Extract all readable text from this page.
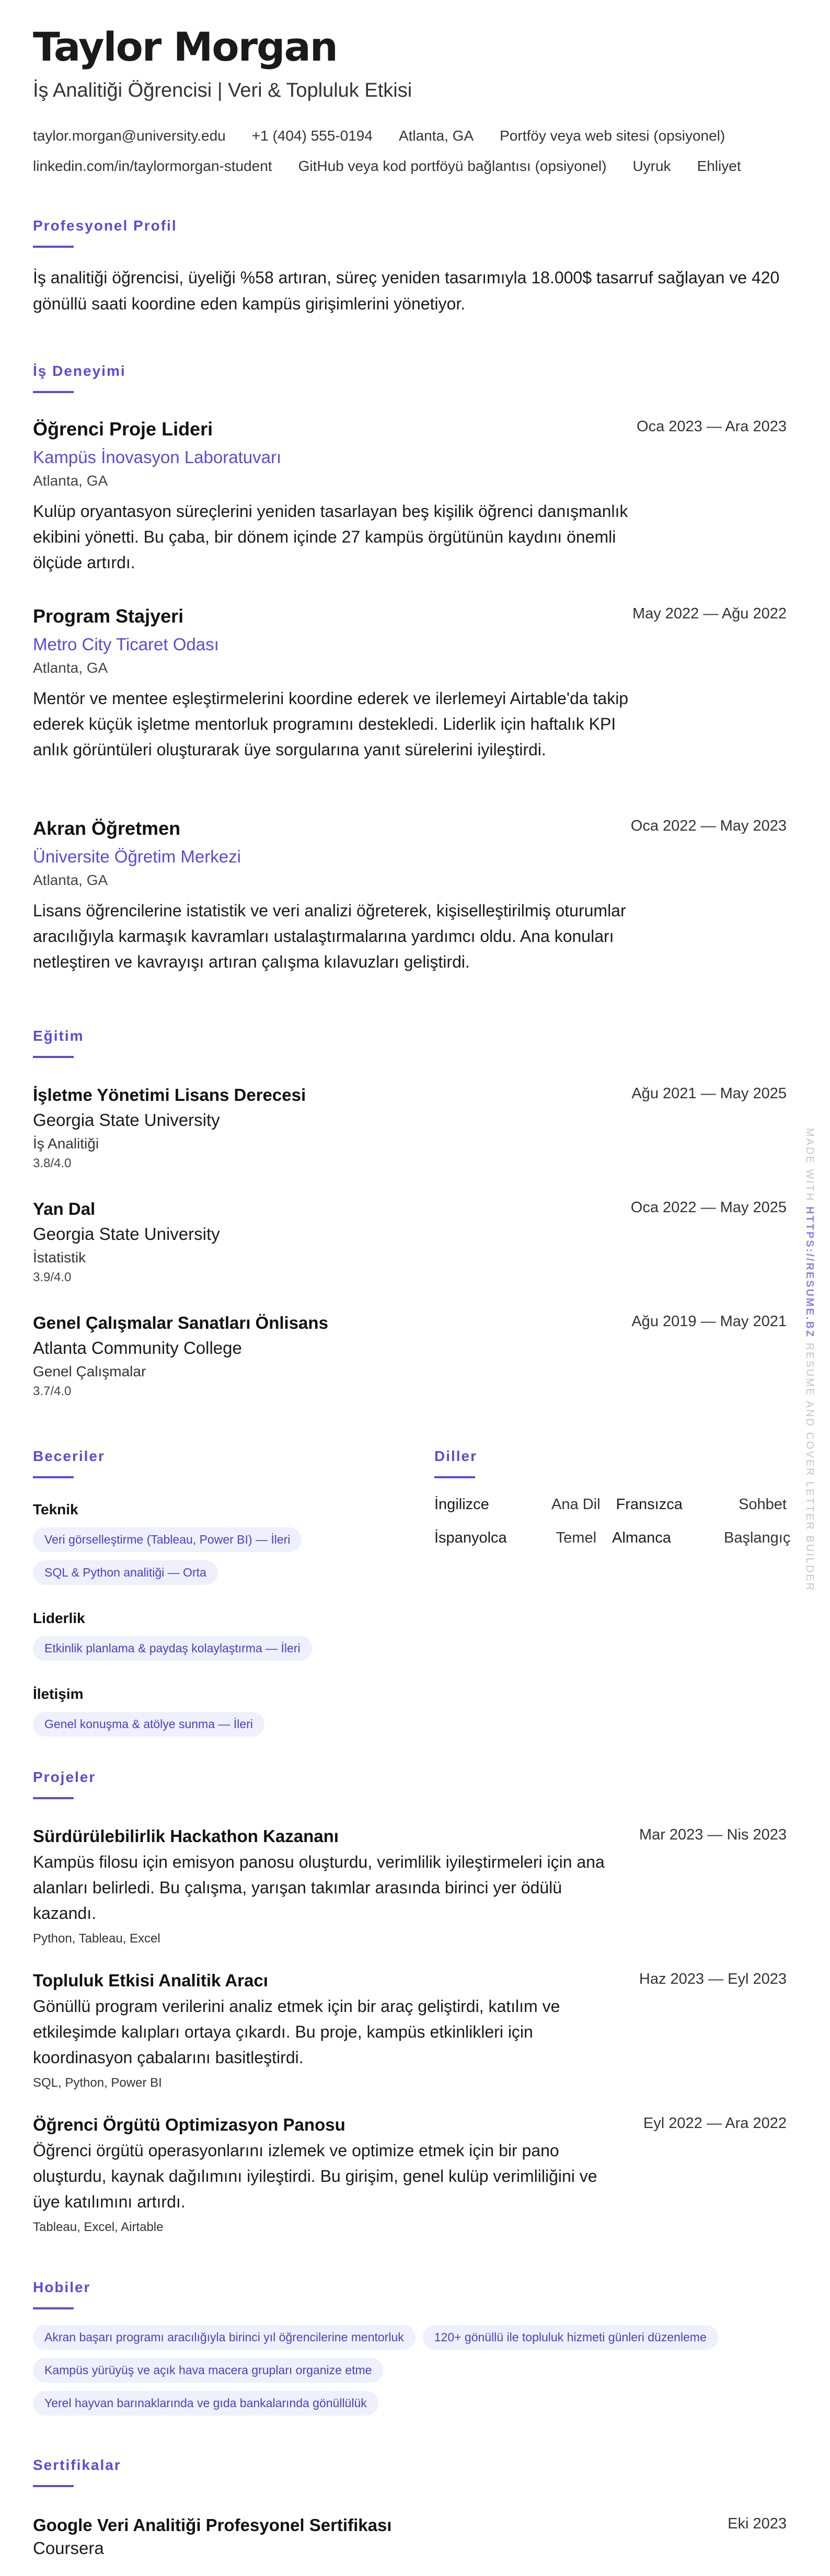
Taylor Morgan
İş Analitiği Öğrencisi | Veri & Topluluk Etkisi
taylor.morgan@university.edu +1 (404) 555-0194 Atlanta, GA Portföy veya web sitesi (opsiyonel)
linkedin.com/in/taylormorgan-student GitHub veya kod portföyü bağlantısı (opsiyonel) Uyruk Ehliyet
Profesyonel Profil
İş analitiği öğrencisi, üyeliği %58 artıran, süreç yeniden tasarımıyla 18.000$ tasarruf sağlayan ve 420 gönüllü saati koordine eden kampüs girişimlerini yönetiyor.
İş Deneyimi
Öğrenci Proje Lideri	Oca 2023 — Ara 2023
Kampüs İnovasyon Laboratuvarı
Atlanta, GA
Kulüp oryantasyon süreçlerini yeniden tasarlayan beş kişilik öğrenci danışmanlık ekibini yönetti. Bu çaba, bir dönem içinde 27 kampüs örgütünün kaydını önemli ölçüde artırdı.
Program Stajyeri	May 2022 — Ağu 2022
Metro City Ticaret Odası
Atlanta, GA
Mentör ve mentee eşleştirmelerini koordine ederek ve ilerlemeyi Airtable'da takip ederek küçük işletme mentorluk programını destekledi. Liderlik için haftalık KPI anlık görüntüleri oluşturarak üye sorgularına yanıt sürelerini iyileştirdi.
Akran Öğretmen	Oca 2022 — May 2023
Üniversite Öğretim Merkezi
Atlanta, GA
Lisans öğrencilerine istatistik ve veri analizi öğreterek, kişiselleştirilmiş oturumlar aracılığıyla karmaşık kavramları ustalaştırmalarına yardımcı oldu. Ana konuları netleştiren ve kavrayışı artıran çalışma kılavuzları geliştirdi.
Eğitim
İşletme Yönetimi Lisans Derecesi	Ağu 2021 — May 2025
Georgia State University
İş Analitiği
3.8/4.0
Yan Dal	Oca 2022 — May 2025
Georgia State University
İstatistik
3.9/4.0
Genel Çalışmalar Sanatları Önlisans	Ağu 2019 — May 2021
Atlanta Community College
Genel Çalışmalar
3.7/4.0
Beceriler
Teknik
Veri görselleştirme (Tableau, Power BI) — İleri
SQL & Python analitiği — Orta
Liderlik
Etkinlik planlama & paydaş kolaylaştırma — İleri
İletişim
Genel konuşma & atölye sunma — İleri
Diller
İngilizce	Ana Dil Fransızca	Sohbet
İspanyolca	Temel Almanca	Başlangıç
Projeler
Sürdürülebilirlik Hackathon Kazananı	Mar 2023 — Nis 2023
Kampüs filosu için emisyon panosu oluşturdu, verimlilik iyileştirmeleri için ana alanları belirledi. Bu çalışma, yarışan takımlar arasında birinci yer ödülü kazandı.
Python, Tableau, Excel
Topluluk Etkisi Analitik Aracı	Haz 2023 — Eyl 2023
Gönüllü program verilerini analiz etmek için bir araç geliştirdi, katılım ve etkileşimde kalıpları ortaya çıkardı. Bu proje, kampüs etkinlikleri için koordinasyon çabalarını basitleştirdi.
SQL, Python, Power BI
Öğrenci Örgütü Optimizasyon Panosu	Eyl 2022 — Ara 2022
Öğrenci örgütü operasyonlarını izlemek ve optimize etmek için bir pano oluşturdu, kaynak dağılımını iyileştirdi. Bu girişim, genel kulüp verimliliğini ve üye katılımını artırdı.
Tableau, Excel, Airtable
Hobiler
Akran başarı programı aracılığıyla birinci yıl öğrencilerine mentorluk	120+ gönüllü ile topluluk hizmeti günleri düzenleme
Kampüs yürüyüş ve açık hava macera grupları organize etme
Yerel hayvan barınaklarında ve gıda bankalarında gönüllülük
Sertifikalar
Google Veri Analitiği Profesyonel Sertifikası	Eki 2023
Coursera
MADE WITH HTTPS://RESUME.BZ RESUME AND COVER LETTER BUILDER
